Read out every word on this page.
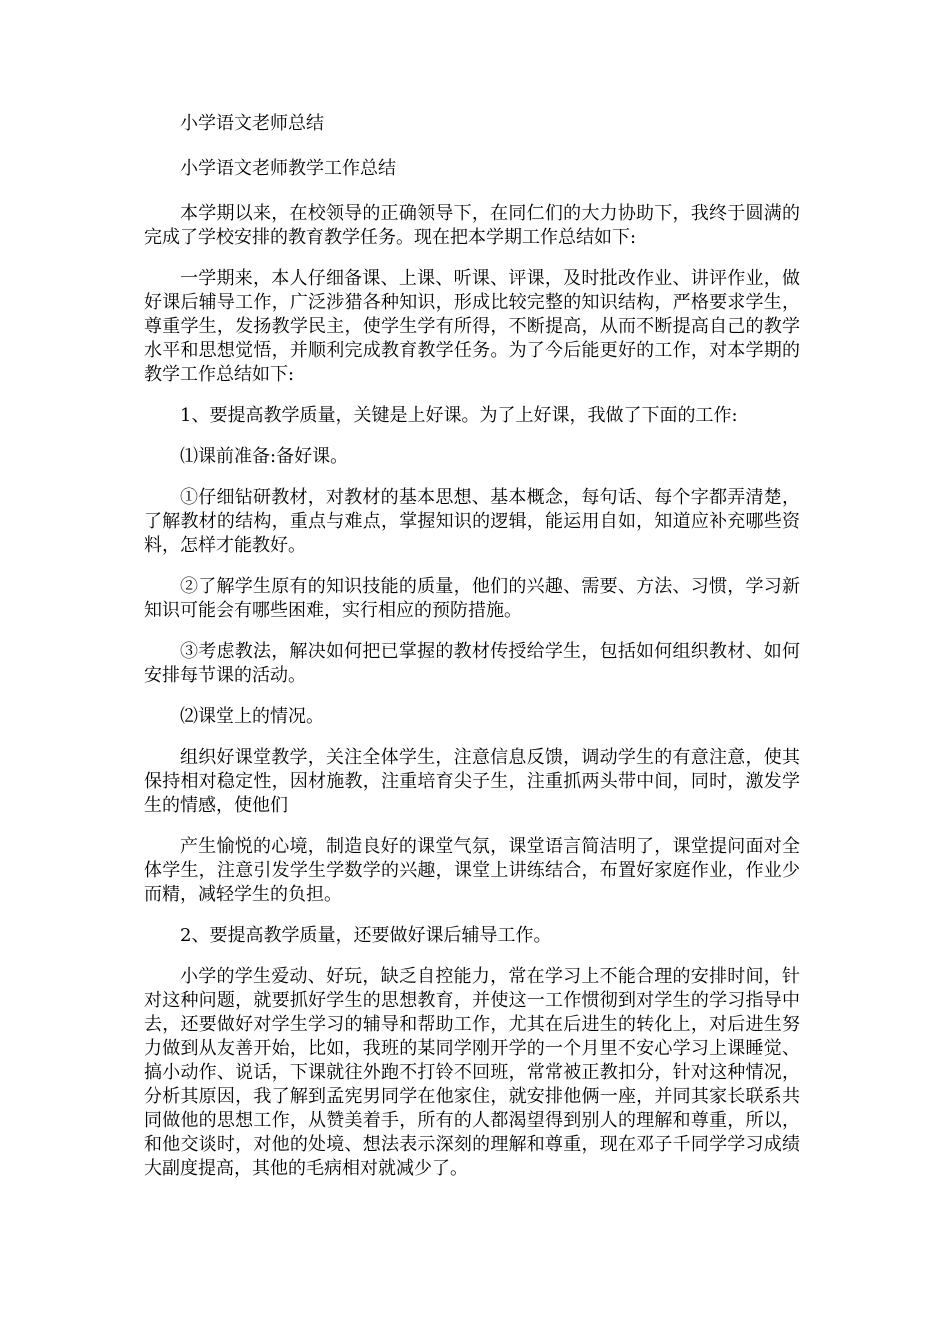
小学语文老师总结

小学语文老师教学工作总结

本学期以来，在校领导的正确领导下，在同仁们的大力协助下，我终于圆满的完成了学校安排的教育教学任务。现在把本学期工作总结如下:

一学期来，本人仔细备课、上课、听课、评课，及时批改作业、讲评作业，做好课后辅导工作，广泛涉猎各种知识，形成比较完整的知识结构，严格要求学生，尊重学生，发扬教学民主，使学生学有所得，不断提高，从而不断提高自己的教学水平和思想觉悟，并顺利完成教育教学任务。为了今后能更好的工作，对本学期的教学工作总结如下:

1、要提高教学质量，关键是上好课。为了上好课，我做了下面的工作:

⑴课前准备:备好课。

①仔细钻研教材，对教材的基本思想、基本概念，每句话、每个字都弄清楚，了解教材的结构，重点与难点，掌握知识的逻辑，能运用自如，知道应补充哪些资料，怎样才能教好。

②了解学生原有的知识技能的质量，他们的兴趣、需要、方法、习惯，学习新知识可能会有哪些困难，实行相应的预防措施。

③考虑教法，解决如何把已掌握的教材传授给学生，包括如何组织教材、如何安排每节课的活动。

⑵课堂上的情况。

组织好课堂教学，关注全体学生，注意信息反馈，调动学生的有意注意，使其保持相对稳定性，因材施教，注重培育尖子生，注重抓两头带中间，同时，激发学生的情感，使他们

产生愉悦的心境，制造良好的课堂气氛，课堂语言简洁明了，课堂提问面对全体学生，注意引发学生学数学的兴趣，课堂上讲练结合，布置好家庭作业，作业少而精，减轻学生的负担。

2、要提高教学质量，还要做好课后辅导工作。

小学的学生爱动、好玩，缺乏自控能力，常在学习上不能合理的安排时间，针对这种问题，就要抓好学生的思想教育，并使这一工作惯彻到对学生的学习指导中去，还要做好对学生学习的辅导和帮助工作，尤其在后进生的转化上，对后进生努力做到从友善开始，比如，我班的某同学刚开学的一个月里不安心学习上课睡觉、搞小动作、说话，下课就往外跑不打铃不回班，常常被正教扣分，针对这种情况，分析其原因，我了解到孟宪男同学在他家住，就安排他俩一座，并同其家长联系共同做他的思想工作，从赞美着手，所有的人都渴望得到别人的理解和尊重，所以，和他交谈时，对他的处境、想法表示深刻的理解和尊重，现在邓子千同学学习成绩大副度提高，其他的毛病相对就减少了。
